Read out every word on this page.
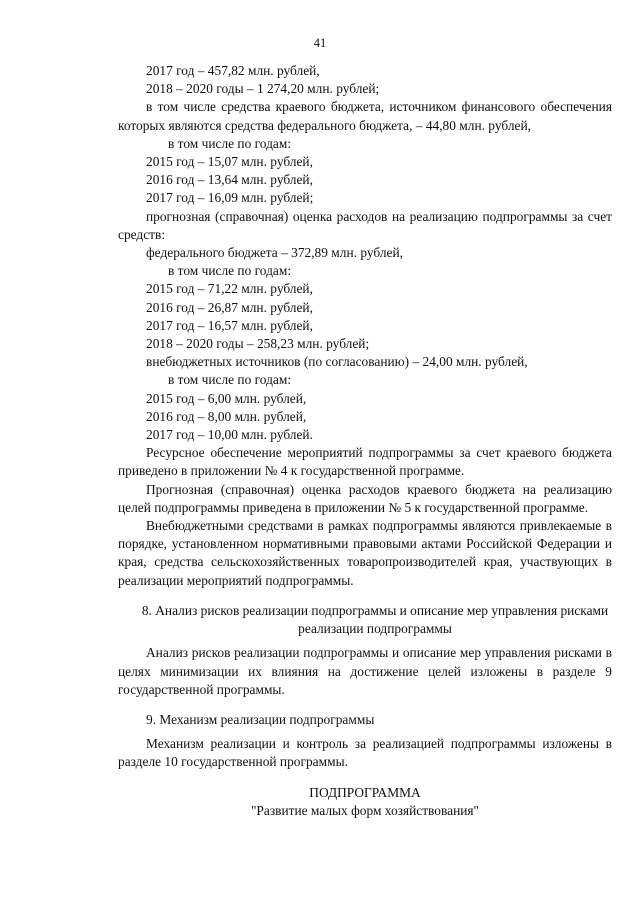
41
2017 год – 457,82 млн. рублей,
2018 – 2020 годы – 1 274,20 млн. рублей;
в том числе средства краевого бюджета, источником финансового обеспечения которых являются средства федерального бюджета, – 44,80 млн. рублей,
в том числе по годам:
2015 год – 15,07 млн. рублей,
2016 год – 13,64 млн. рублей,
2017 год – 16,09 млн. рублей;
прогнозная (справочная) оценка расходов на реализацию подпрограммы за счет средств:
федерального бюджета – 372,89 млн. рублей,
в том числе по годам:
2015 год – 71,22 млн. рублей,
2016 год – 26,87 млн. рублей,
2017 год – 16,57 млн. рублей,
2018 – 2020 годы – 258,23 млн. рублей;
внебюджетных источников (по согласованию) – 24,00 млн. рублей,
в том числе по годам:
2015 год – 6,00 млн. рублей,
2016 год – 8,00 млн. рублей,
2017 год – 10,00 млн. рублей.
Ресурсное обеспечение мероприятий подпрограммы за счет краевого бюджета приведено в приложении № 4 к государственной программе.
Прогнозная (справочная) оценка расходов краевого бюджета на реализацию целей подпрограммы приведена в приложении № 5 к государственной программе.
Внебюджетными средствами в рамках подпрограммы являются привлекаемые в порядке, установленном нормативными правовыми актами Российской Федерации и края, средства сельскохозяйственных товаропроизводителей края, участвующих в реализации мероприятий подпрограммы.
8. Анализ рисков реализации подпрограммы и описание мер управления рисками реализации подпрограммы
Анализ рисков реализации подпрограммы и описание мер управления рисками в целях минимизации их влияния на достижение целей изложены в разделе 9 государственной программы.
9. Механизм реализации подпрограммы
Механизм реализации и контроль за реализацией подпрограммы изложены в разделе 10 государственной программы.
ПОДПРОГРАММА
"Развитие малых форм хозяйствования"
